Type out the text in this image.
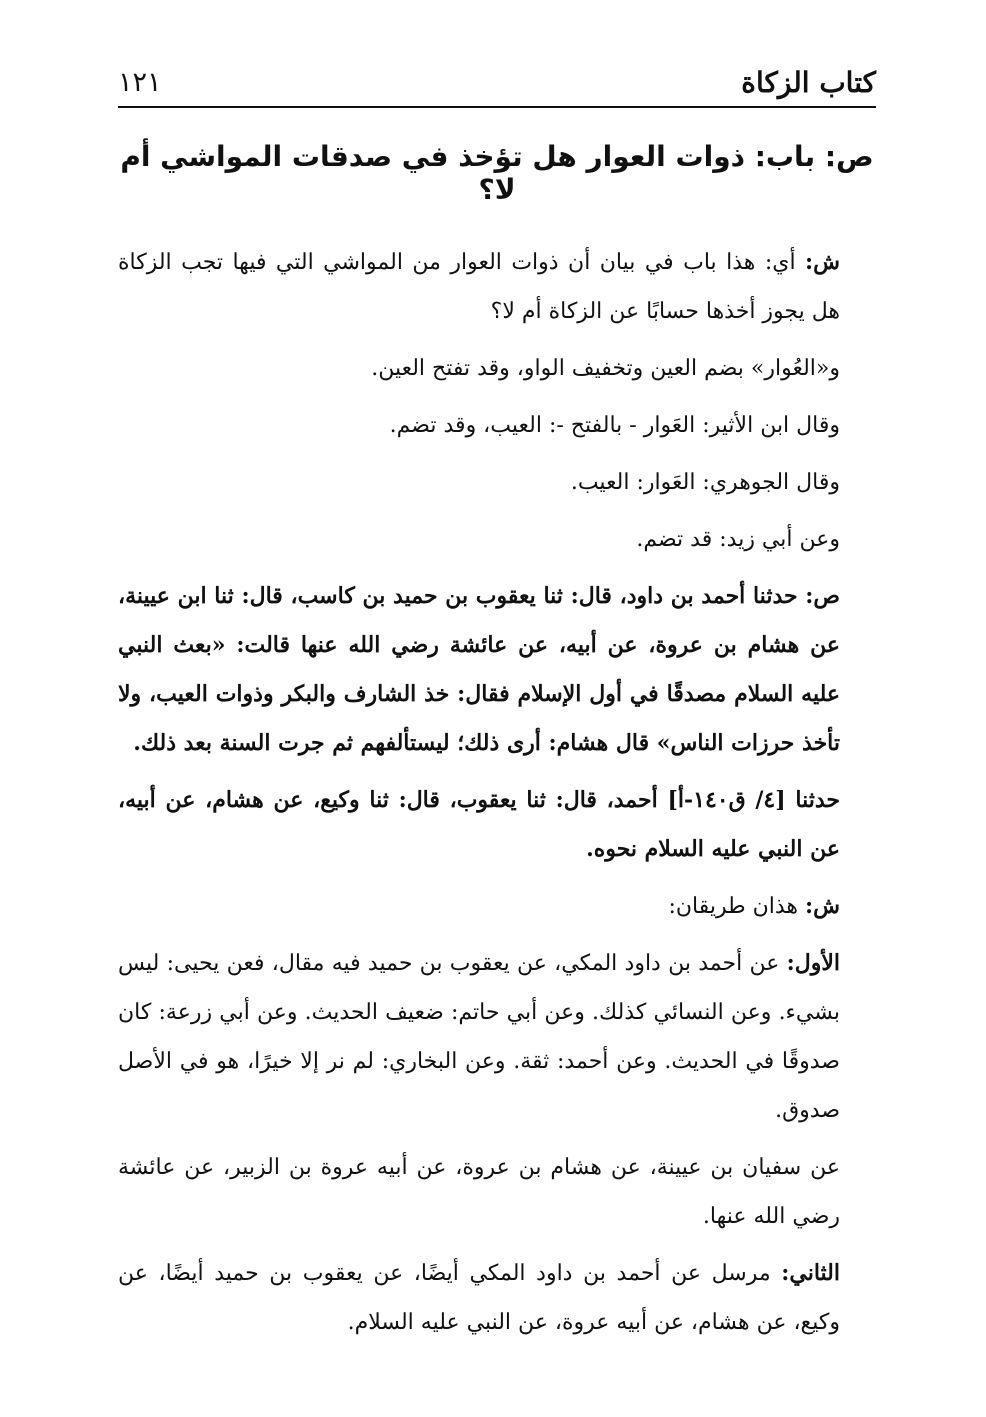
كتاب الزكاة
١٢١
ص: باب: ذوات العوار هل تؤخذ في صدقات المواشي أم لا؟

ش: أي: هذا باب في بيان أن ذوات العوار من المواشي التي فيها تجب الزكاة هل يجوز أخذها حسابًا عن الزكاة أم لا؟

و«العُوار» بضم العين وتخفيف الواو، وقد تفتح العين.

وقال ابن الأثير: العَوار - بالفتح -: العيب، وقد تضم.

وقال الجوهري: العَوار: العيب.

وعن أبي زيد: قد تضم.

ص: حدثنا أحمد بن داود، قال: ثنا يعقوب بن حميد بن كاسب، قال: ثنا ابن عيينة، عن هشام بن عروة، عن أبيه، عن عائشة رضي الله عنها قالت: «بعث النبي عليه السلام مصدقًا في أول الإسلام فقال: خذ الشارف والبكر وذوات العيب، ولا تأخذ حرزات الناس» قال هشام: أرى ذلك؛ ليستألفهم ثم جرت السنة بعد ذلك.

حدثنا [٤/ ق١٤٠-أ] أحمد، قال: ثنا يعقوب، قال: ثنا وكيع، عن هشام، عن أبيه، عن النبي عليه السلام نحوه.

ش: هذان طريقان:

الأول: عن أحمد بن داود المكي، عن يعقوب بن حميد فيه مقال، فعن يحيى: ليس بشيء. وعن النسائي كذلك. وعن أبي حاتم: ضعيف الحديث. وعن أبي زرعة: كان صدوقًا في الحديث. وعن أحمد: ثقة. وعن البخاري: لم نر إلا خيرًا، هو في الأصل صدوق.

عن سفيان بن عيينة، عن هشام بن عروة، عن أبيه عروة بن الزبير، عن عائشة رضي الله عنها.

الثاني: مرسل عن أحمد بن داود المكي أيضًا، عن يعقوب بن حميد أيضًا، عن وكيع، عن هشام، عن أبيه عروة، عن النبي عليه السلام.
